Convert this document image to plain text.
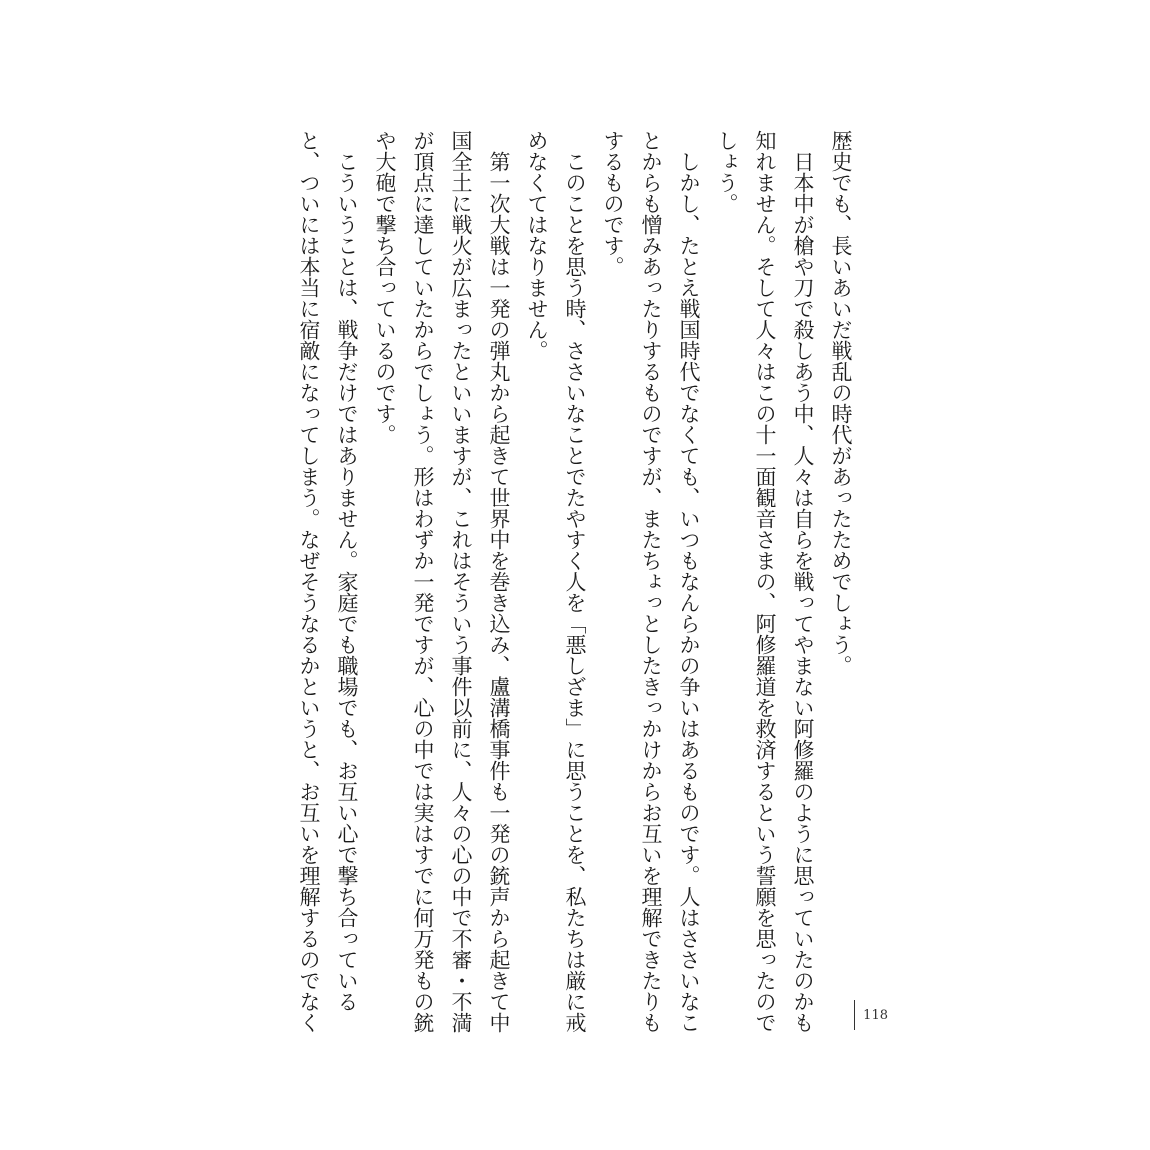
歴史でも、長いあいだ戦乱の時代があったためでしょう。

日本中が槍や刀で殺しあう中、人々は自らを戦ってやまない阿修羅のように思っていたのかも知れません。そして人々はこの十一面観音さまの、阿修羅道を救済するという誓願を思ったのでしょう。

しかし、たとえ戦国時代でなくても、いつもなんらかの争いはあるものです。人はささいなことからも憎みあったりするものですが、またちょっとしたきっかけからお互いを理解できたりもするものです。

このことを思う時、ささいなことでたやすく人を「悪しざま」に思うことを、私たちは厳に戒めなくてはなりません。

第一次大戦は一発の弾丸から起きて世界中を巻き込み、盧溝橋事件も一発の銃声から起きて中国全土に戦火が広まったといいますが、これはそういう事件以前に、人々の心の中で不審・不満が頂点に達していたからでしょう。形はわずか一発ですが、心の中では実はすでに何万発もの銃や大砲で撃ち合っているのです。

こういうことは、戦争だけではありません。家庭でも職場でも、お互い心で撃ち合っていると、ついには本当に宿敵になってしまう。なぜそうなるかというと、お互いを理解するのでなく	118
